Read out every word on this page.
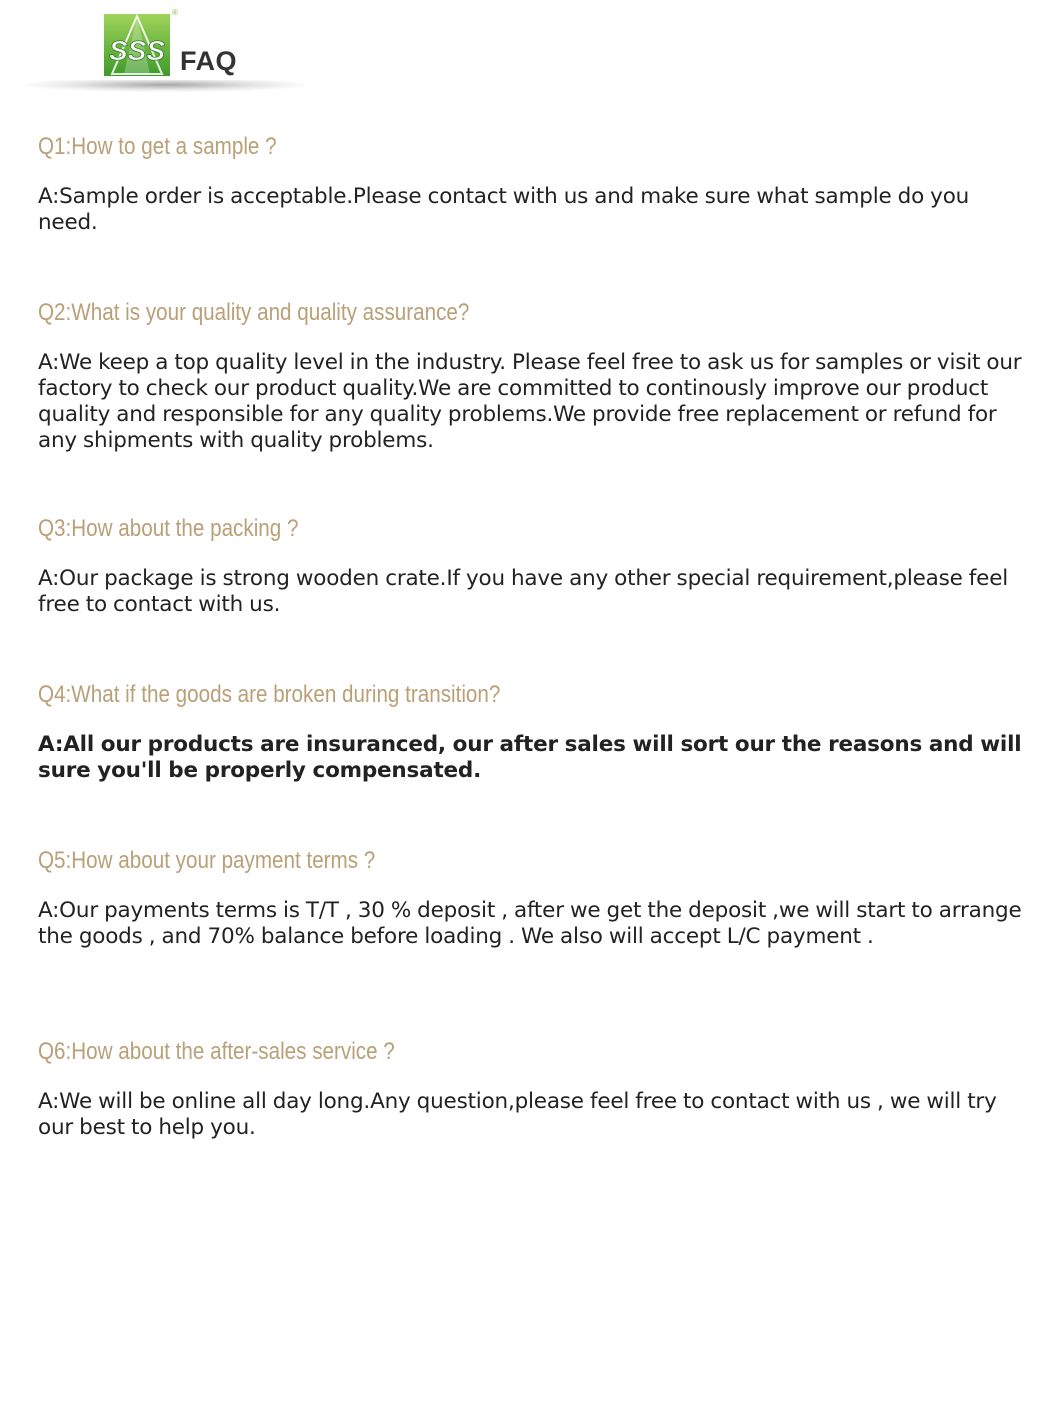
SSS
®
FAQ
Q1:How to get a sample ?

A:Sample order is acceptable.Please contact with us and make sure what sample do you need.

Q2:What is your quality and quality assurance?

A:We keep a top quality level in the industry. Please feel free to ask us for samples or visit our factory to check our product quality.We are committed to continously improve our product quality and responsible for any quality problems.We provide free replacement or refund for any shipments with quality problems.

Q3:How about the packing ?

A:Our package is strong wooden crate.If you have any other special requirement,please feel free to contact with us.

Q4:What if the goods are broken during transition?

A:All our products are insuranced, our after sales will sort our the reasons and will sure you'll be properly compensated.

Q5:How about your payment terms ?

A:Our payments terms is T/T , 30 % deposit , after we get the deposit ,we will start to arrange the goods , and 70% balance before loading . We also will accept L/C payment .

Q6:How about the after-sales service ?

A:We will be online all day long.Any question,please feel free to contact with us , we will try our best to help you.
